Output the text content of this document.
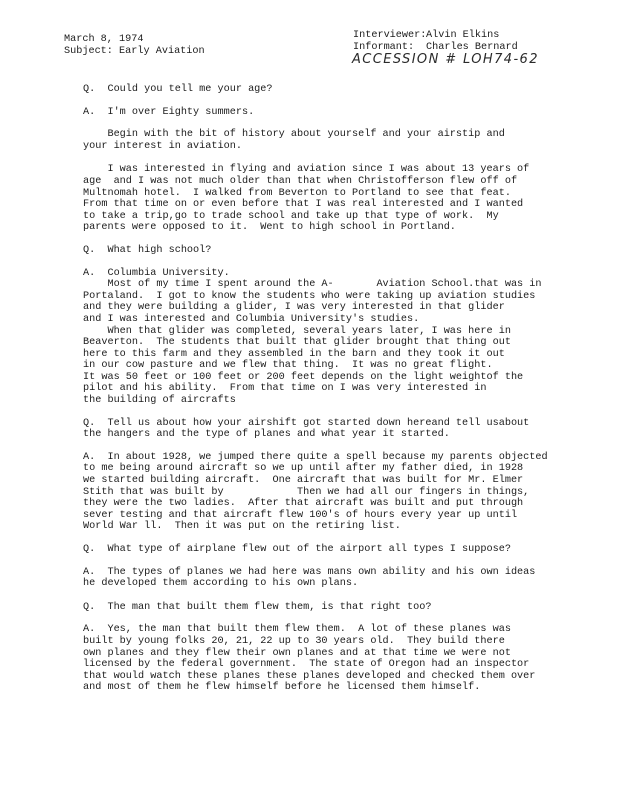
March 8, 1974
Subject: Early Aviation
Interviewer:Alvin Elkins
Informant: Charles Bernard
ACCESSION # LOH74-62
Q.  Could you tell me your age?
A.  I'm over Eighty summers.
Begin with the bit of history about yourself and your airstip and
your interest in aviation.
I was interested in flying and aviation since I was about 13 years of
age  and I was not much older than that when Christofferson flew off of
Multnomah hotel.  I walked from Beverton to Portland to see that feat.
From that time on or even before that I was real interested and I wanted
to take a trip,go to trade school and take up that type of work.  My
parents were opposed to it.  Went to high school in Portland.
Q.  What high school?
A.  Columbia University.
Most of my time I spent around the A-       Aviation School.that was in
Portaland.  I got to know the students who were taking up aviation studies
and they were building a glider, I was very interested in that glider
and I was interested and Columbia University's studies.
When that glider was completed, several years later, I was here in
Beaverton.  The students that built that glider brought that thing out
here to this farm and they assembled in the barn and they took it out
in our cow pasture and we flew that thing.  It was no great flight.
It was 50 feet or 100 feet or 200 feet depends on the light weightof the
pilot and his ability.  From that time on I was very interested in
the building of aircrafts
Q.  Tell us about how your airshift got started down hereand tell usabout
the hangers and the type of planes and what year it started.
A.  In about 1928, we jumped there quite a spell because my parents objected
to me being around aircraft so we up until after my father died, in 1928
we started building aircraft.  One aircraft that was built for Mr. Elmer
Stith that was built by            Then we had all our fingers in things,
they were the two ladies.  After that aircraft was built and put through
sever testing and that aircraft flew 100's of hours every year up until
World War ll.  Then it was put on the retiring list.
Q.  What type of airplane flew out of the airport all types I suppose?
A.  The types of planes we had here was mans own ability and his own ideas
he developed them according to his own plans.
Q.  The man that built them flew them, is that right too?
A.  Yes, the man that built them flew them.  A lot of these planes was
built by young folks 20, 21, 22 up to 30 years old.  They build there
own planes and they flew their own planes and at that time we were not
licensed by the federal government.  The state of Oregon had an inspector
that would watch these planes these planes developed and checked them over
and most of them he flew himself before he licensed them himself.
